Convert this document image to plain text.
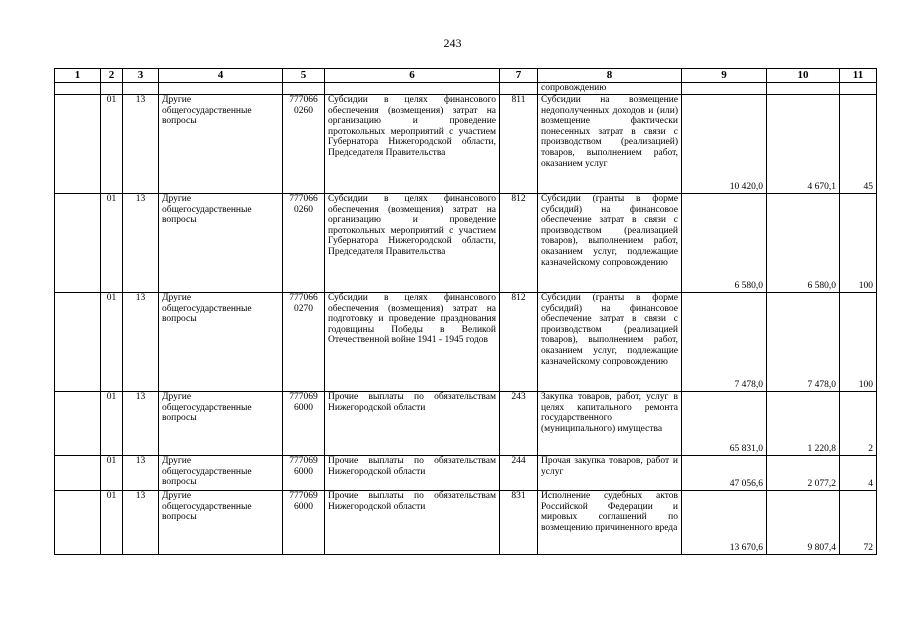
243
1	2	3	4	5	6	7	8	9	10	11
							сопровождению			
	01	13	Другие общегосударственные вопросы	777066 0260	Субсидии в целях финансового обеспечения (возмещения) затрат на организацию и проведение протокольных мероприятий с участием Губернатора Нижегородской области, Председателя Правительства	811	Субсидии на возмещение недополученных доходов и (или) возмещение фактически понесенных затрат в связи с производством (реализацией) товаров, выполнением работ, оказанием услуг	10 420,0	4 670,1	45
	01	13	Другие общегосударственные вопросы	777066 0260	Субсидии в целях финансового обеспечения (возмещения) затрат на организацию и проведение протокольных мероприятий с участием Губернатора Нижегородской области, Председателя Правительства	812	Субсидии (гранты в форме субсидий) на финансовое обеспечение затрат в связи с производством (реализацией товаров), выполнением работ, оказанием услуг, подлежащие казначейскому сопровождению	6 580,0	6 580,0	100
	01	13	Другие общегосударственные вопросы	777066 0270	Субсидии в целях финансового обеспечения (возмещения) затрат на подготовку и проведение празднования годовщины Победы в Великой Отечественной войне 1941 - 1945 годов	812	Субсидии (гранты в форме субсидий) на финансовое обеспечение затрат в связи с производством (реализацией товаров), выполнением работ, оказанием услуг, подлежащие казначейскому сопровождению	7 478,0	7 478,0	100
	01	13	Другие общегосударственные вопросы	777069 6000	Прочие выплаты по обязательствам Нижегородской области	243	Закупка товаров, работ, услуг в целях капитального ремонта государственного (муниципального) имущества	65 831,0	1 220,8	2
	01	13	Другие общегосударственные вопросы	777069 6000	Прочие выплаты по обязательствам Нижегородской области	244	Прочая закупка товаров, работ и услуг	47 056,6	2 077,2	4
	01	13	Другие общегосударственные вопросы	777069 6000	Прочие выплаты по обязательствам Нижегородской области	831	Исполнение судебных актов Российской Федерации и мировых соглашений по возмещению причиненного вреда	13 670,6	9 807,4	72
